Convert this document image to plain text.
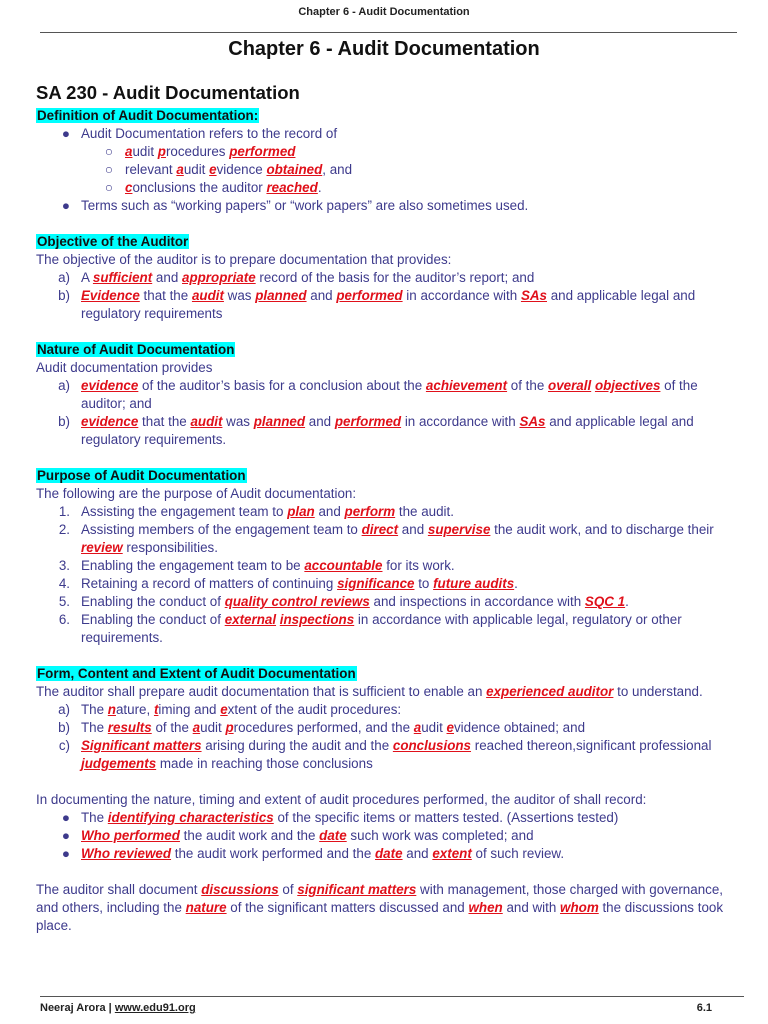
Chapter 6 - Audit Documentation
Chapter 6 - Audit Documentation
SA 230 - Audit Documentation
Definition of Audit Documentation:
● Audit Documentation refers to the record of
○ audit procedures performed
○ relevant audit evidence obtained, and
○ conclusions the auditor reached.
● Terms such as “working papers” or “work papers” are also sometimes used.
Objective of the Auditor
The objective of the auditor is to prepare documentation that provides:
a) A sufficient and appropriate record of the basis for the auditor’s report; and
b) Evidence that the audit was planned and performed in accordance with SAs and applicable legal and regulatory requirements
Nature of Audit Documentation
Audit documentation provides
a) evidence of the auditor’s basis for a conclusion about the achievement of the overall objectives of the auditor; and
b) evidence that the audit was planned and performed in accordance with SAs and applicable legal and regulatory requirements.
Purpose of Audit Documentation
The following are the purpose of Audit documentation:
1. Assisting the engagement team to plan and perform the audit.
2. Assisting members of the engagement team to direct and supervise the audit work, and to discharge their review responsibilities.
3. Enabling the engagement team to be accountable for its work.
4. Retaining a record of matters of continuing significance to future audits.
5. Enabling the conduct of quality control reviews and inspections in accordance with SQC 1.
6. Enabling the conduct of external inspections in accordance with applicable legal, regulatory or other requirements.
Form, Content and Extent of Audit Documentation
The auditor shall prepare audit documentation that is sufficient to enable an experienced auditor to understand.
a) The nature, timing and extent of the audit procedures:
b) The results of the audit procedures performed, and the audit evidence obtained; and
c) Significant matters arising during the audit and the conclusions reached thereon,significant professional judgements made in reaching those conclusions
In documenting the nature, timing and extent of audit procedures performed, the auditor of shall record:
● The identifying characteristics of the specific items or matters tested. (Assertions tested)
● Who performed the audit work and the date such work was completed; and
● Who reviewed the audit work performed and the date and extent of such review.
The auditor shall document discussions of significant matters with management, those charged with governance, and others, including the nature of the significant matters discussed and when and with whom the discussions took place.
Neeraj Arora | www.edu91.org	6.1
